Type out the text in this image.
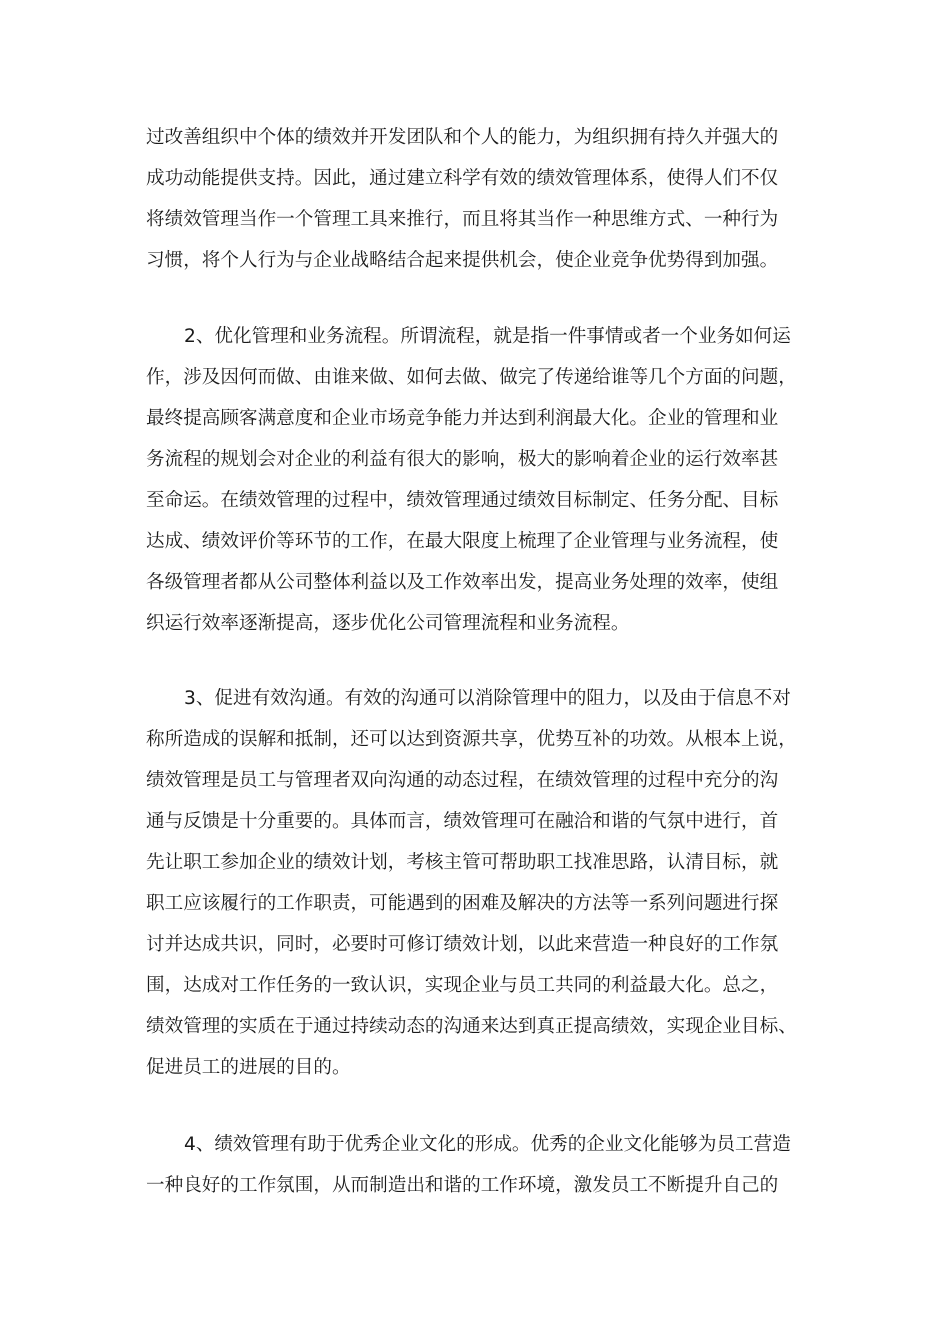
过改善组织中个体的绩效并开发团队和个人的能力，为组织拥有持久并强大的
成功动能提供支持。因此，通过建立科学有效的绩效管理体系，使得人们不仅
将绩效管理当作一个管理工具来推行，而且将其当作一种思维方式、一种行为
习惯，将个人行为与企业战略结合起来提供机会，使企业竞争优势得到加强。
2、优化管理和业务流程。所谓流程，就是指一件事情或者一个业务如何运
作，涉及因何而做、由谁来做、如何去做、做完了传递给谁等几个方面的问题，
最终提高顾客满意度和企业市场竞争能力并达到利润最大化。企业的管理和业
务流程的规划会对企业的利益有很大的影响，极大的影响着企业的运行效率甚
至命运。在绩效管理的过程中，绩效管理通过绩效目标制定、任务分配、目标
达成、绩效评价等环节的工作，在最大限度上梳理了企业管理与业务流程，使
各级管理者都从公司整体利益以及工作效率出发，提高业务处理的效率，使组
织运行效率逐渐提高，逐步优化公司管理流程和业务流程。
3、促进有效沟通。有效的沟通可以消除管理中的阻力，以及由于信息不对
称所造成的误解和抵制，还可以达到资源共享，优势互补的功效。从根本上说，
绩效管理是员工与管理者双向沟通的动态过程，在绩效管理的过程中充分的沟
通与反馈是十分重要的。具体而言，绩效管理可在融洽和谐的气氛中进行，首
先让职工参加企业的绩效计划，考核主管可帮助职工找准思路，认清目标，就
职工应该履行的工作职责，可能遇到的困难及解决的方法等一系列问题进行探
讨并达成共识，同时，必要时可修订绩效计划，以此来营造一种良好的工作氛
围，达成对工作任务的一致认识，实现企业与员工共同的利益最大化。总之，
绩效管理的实质在于通过持续动态的沟通来达到真正提高绩效，实现企业目标、
促进员工的进展的目的。
4、绩效管理有助于优秀企业文化的形成。优秀的企业文化能够为员工营造
一种良好的工作氛围，从而制造出和谐的工作环境，激发员工不断提升自己的
